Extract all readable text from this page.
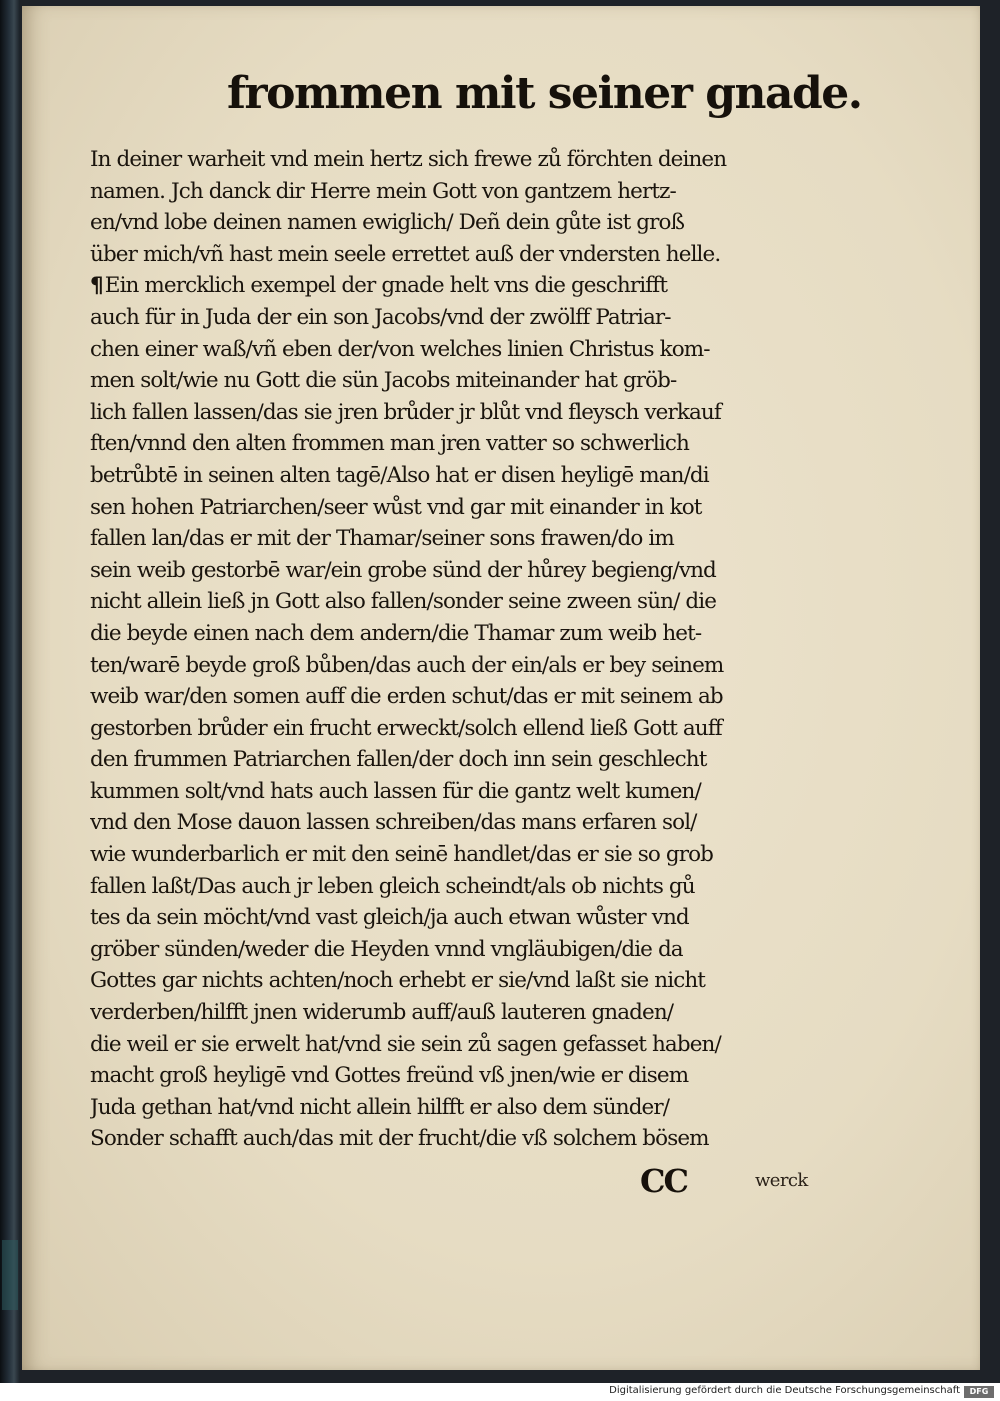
frommen mit seiner gnade.
In deiner warheit vnd mein hertz sich frewe zů förchten deinen
namen. Jch danck dir Herre mein Gott von gantzem hertz-
en/vnd lobe deinen namen ewiglich/ Deñ dein gůte ist groß
über mich/vñ hast mein seele errettet auß der vndersten helle.
¶Ein mercklich exempel der gnade helt vns die geschrifft
auch für in Juda der ein son Jacobs/vnd der zwölff Patriar-
chen einer waß/vñ eben der/von welches linien Christus kom-
men solt/wie nu Gott die sün Jacobs miteinander hat gröb-
lich fallen lassen/das sie jren brůder jr blůt vnd fleysch verkauf
ften/vnnd den alten frommen man jren vatter so schwerlich
betrůbtē in seinen alten tagē/Also hat er disen heyligē man/di
sen hohen Patriarchen/seer wůst vnd gar mit einander in kot
fallen lan/das er mit der Thamar/seiner sons frawen/do im
sein weib gestorbē war/ein grobe sünd der hůrey begieng/vnd
nicht allein ließ jn Gott also fallen/sonder seine zween sün/ die
die beyde einen nach dem andern/die Thamar zum weib het-
ten/warē beyde groß bůben/das auch der ein/als er bey seinem
weib war/den somen auff die erden schut/das er mit seinem ab
gestorben brůder ein frucht erweckt/solch ellend ließ Gott auff
den frummen Patriarchen fallen/der doch inn sein geschlecht
kummen solt/vnd hats auch lassen für die gantz welt kumen/
vnd den Mose dauon lassen schreiben/das mans erfaren sol/
wie wunderbarlich er mit den seinē handlet/das er sie so grob
fallen laßt/Das auch jr leben gleich scheindt/als ob nichts gů
tes da sein möcht/vnd vast gleich/ja auch etwan wůster vnd
gröber sünden/weder die Heyden vnnd vngläubigen/die da
Gottes gar nichts achten/noch erhebt er sie/vnd laßt sie nicht
verderben/hilfft jnen widerumb auff/auß lauteren gnaden/
die weil er sie erwelt hat/vnd sie sein zů sagen gefasset haben/
macht groß heyligē vnd Gottes freünd vß jnen/wie er disem
Juda gethan hat/vnd nicht allein hilfft er also dem sünder/
Sonder schafft auch/das mit der frucht/die vß solchem bösem
CC	werck
Digitalisierung gefördert durch die Deutsche Forschungsgemeinschaft	DFG
